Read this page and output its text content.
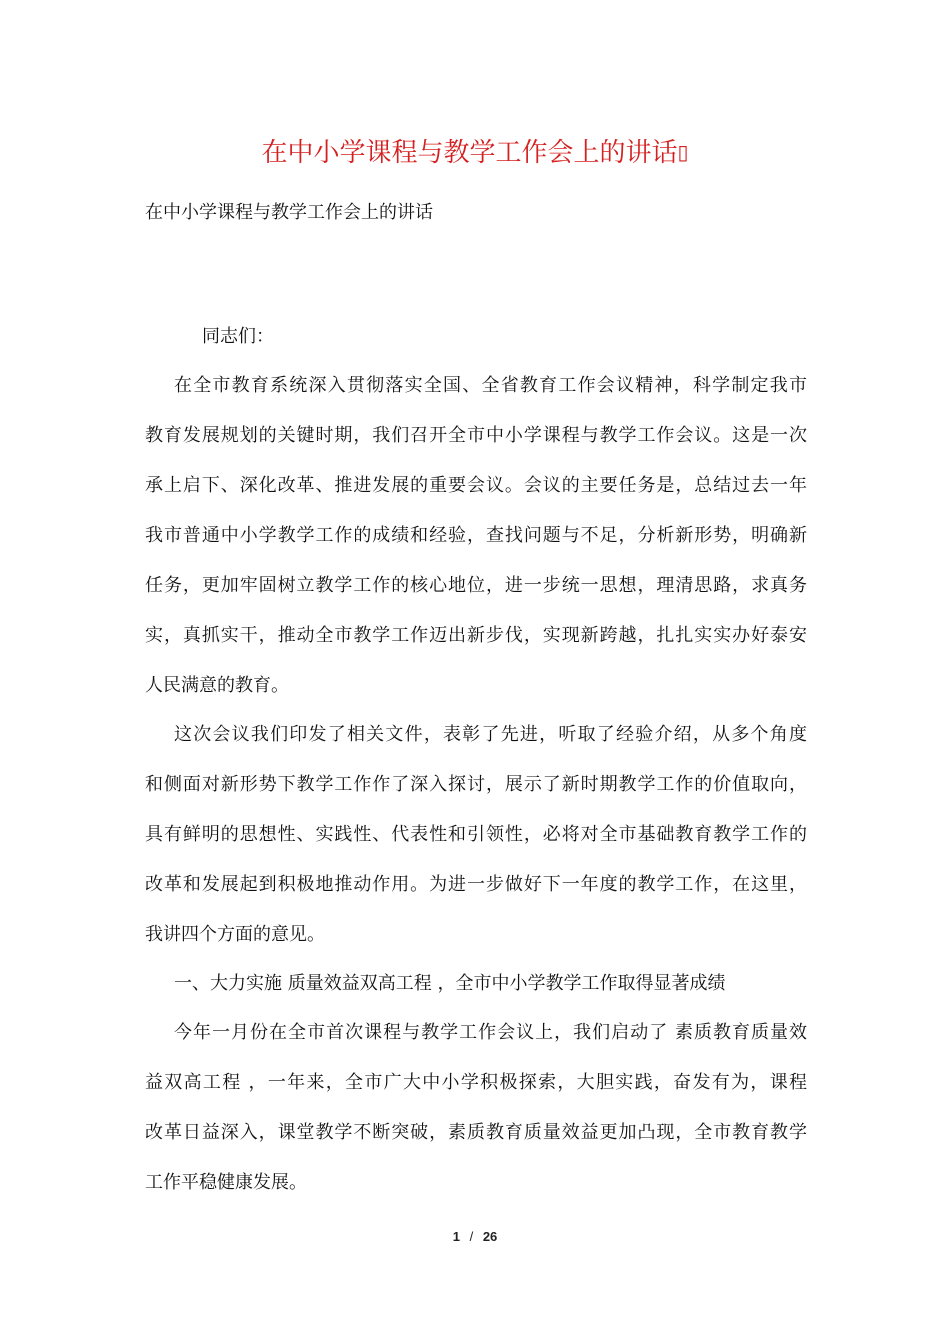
在中小学课程与教学工作会上的讲话▯
在中小学课程与教学工作会上的讲话
同志们：
在全市教育系统深入贯彻落实全国、全省教育工作会议精神，科学制定我市
教育发展规划的关键时期，我们召开全市中小学课程与教学工作会议。这是一次
承上启下、深化改革、推进发展的重要会议。会议的主要任务是，总结过去一年
我市普通中小学教学工作的成绩和经验，查找问题与不足，分析新形势，明确新
任务，更加牢固树立教学工作的核心地位，进一步统一思想，理清思路，求真务
实，真抓实干，推动全市教学工作迈出新步伐，实现新跨越，扎扎实实办好泰安
人民满意的教育。
这次会议我们印发了相关文件，表彰了先进，听取了经验介绍，从多个角度
和侧面对新形势下教学工作作了深入探讨，展示了新时期教学工作的价值取向，
具有鲜明的思想性、实践性、代表性和引领性，必将对全市基础教育教学工作的
改革和发展起到积极地推动作用。为进一步做好下一年度的教学工作，在这里，
我讲四个方面的意见。
一、大力实施 质量效益双高工程 ，全市中小学教学工作取得显著成绩
今年一月份在全市首次课程与教学工作会议上，我们启动了 素质教育质量效
益双高工程 ，一年来，全市广大中小学积极探索，大胆实践，奋发有为，课程
改革日益深入，课堂教学不断突破，素质教育质量效益更加凸现，全市教育教学
工作平稳健康发展。
1 / 26
